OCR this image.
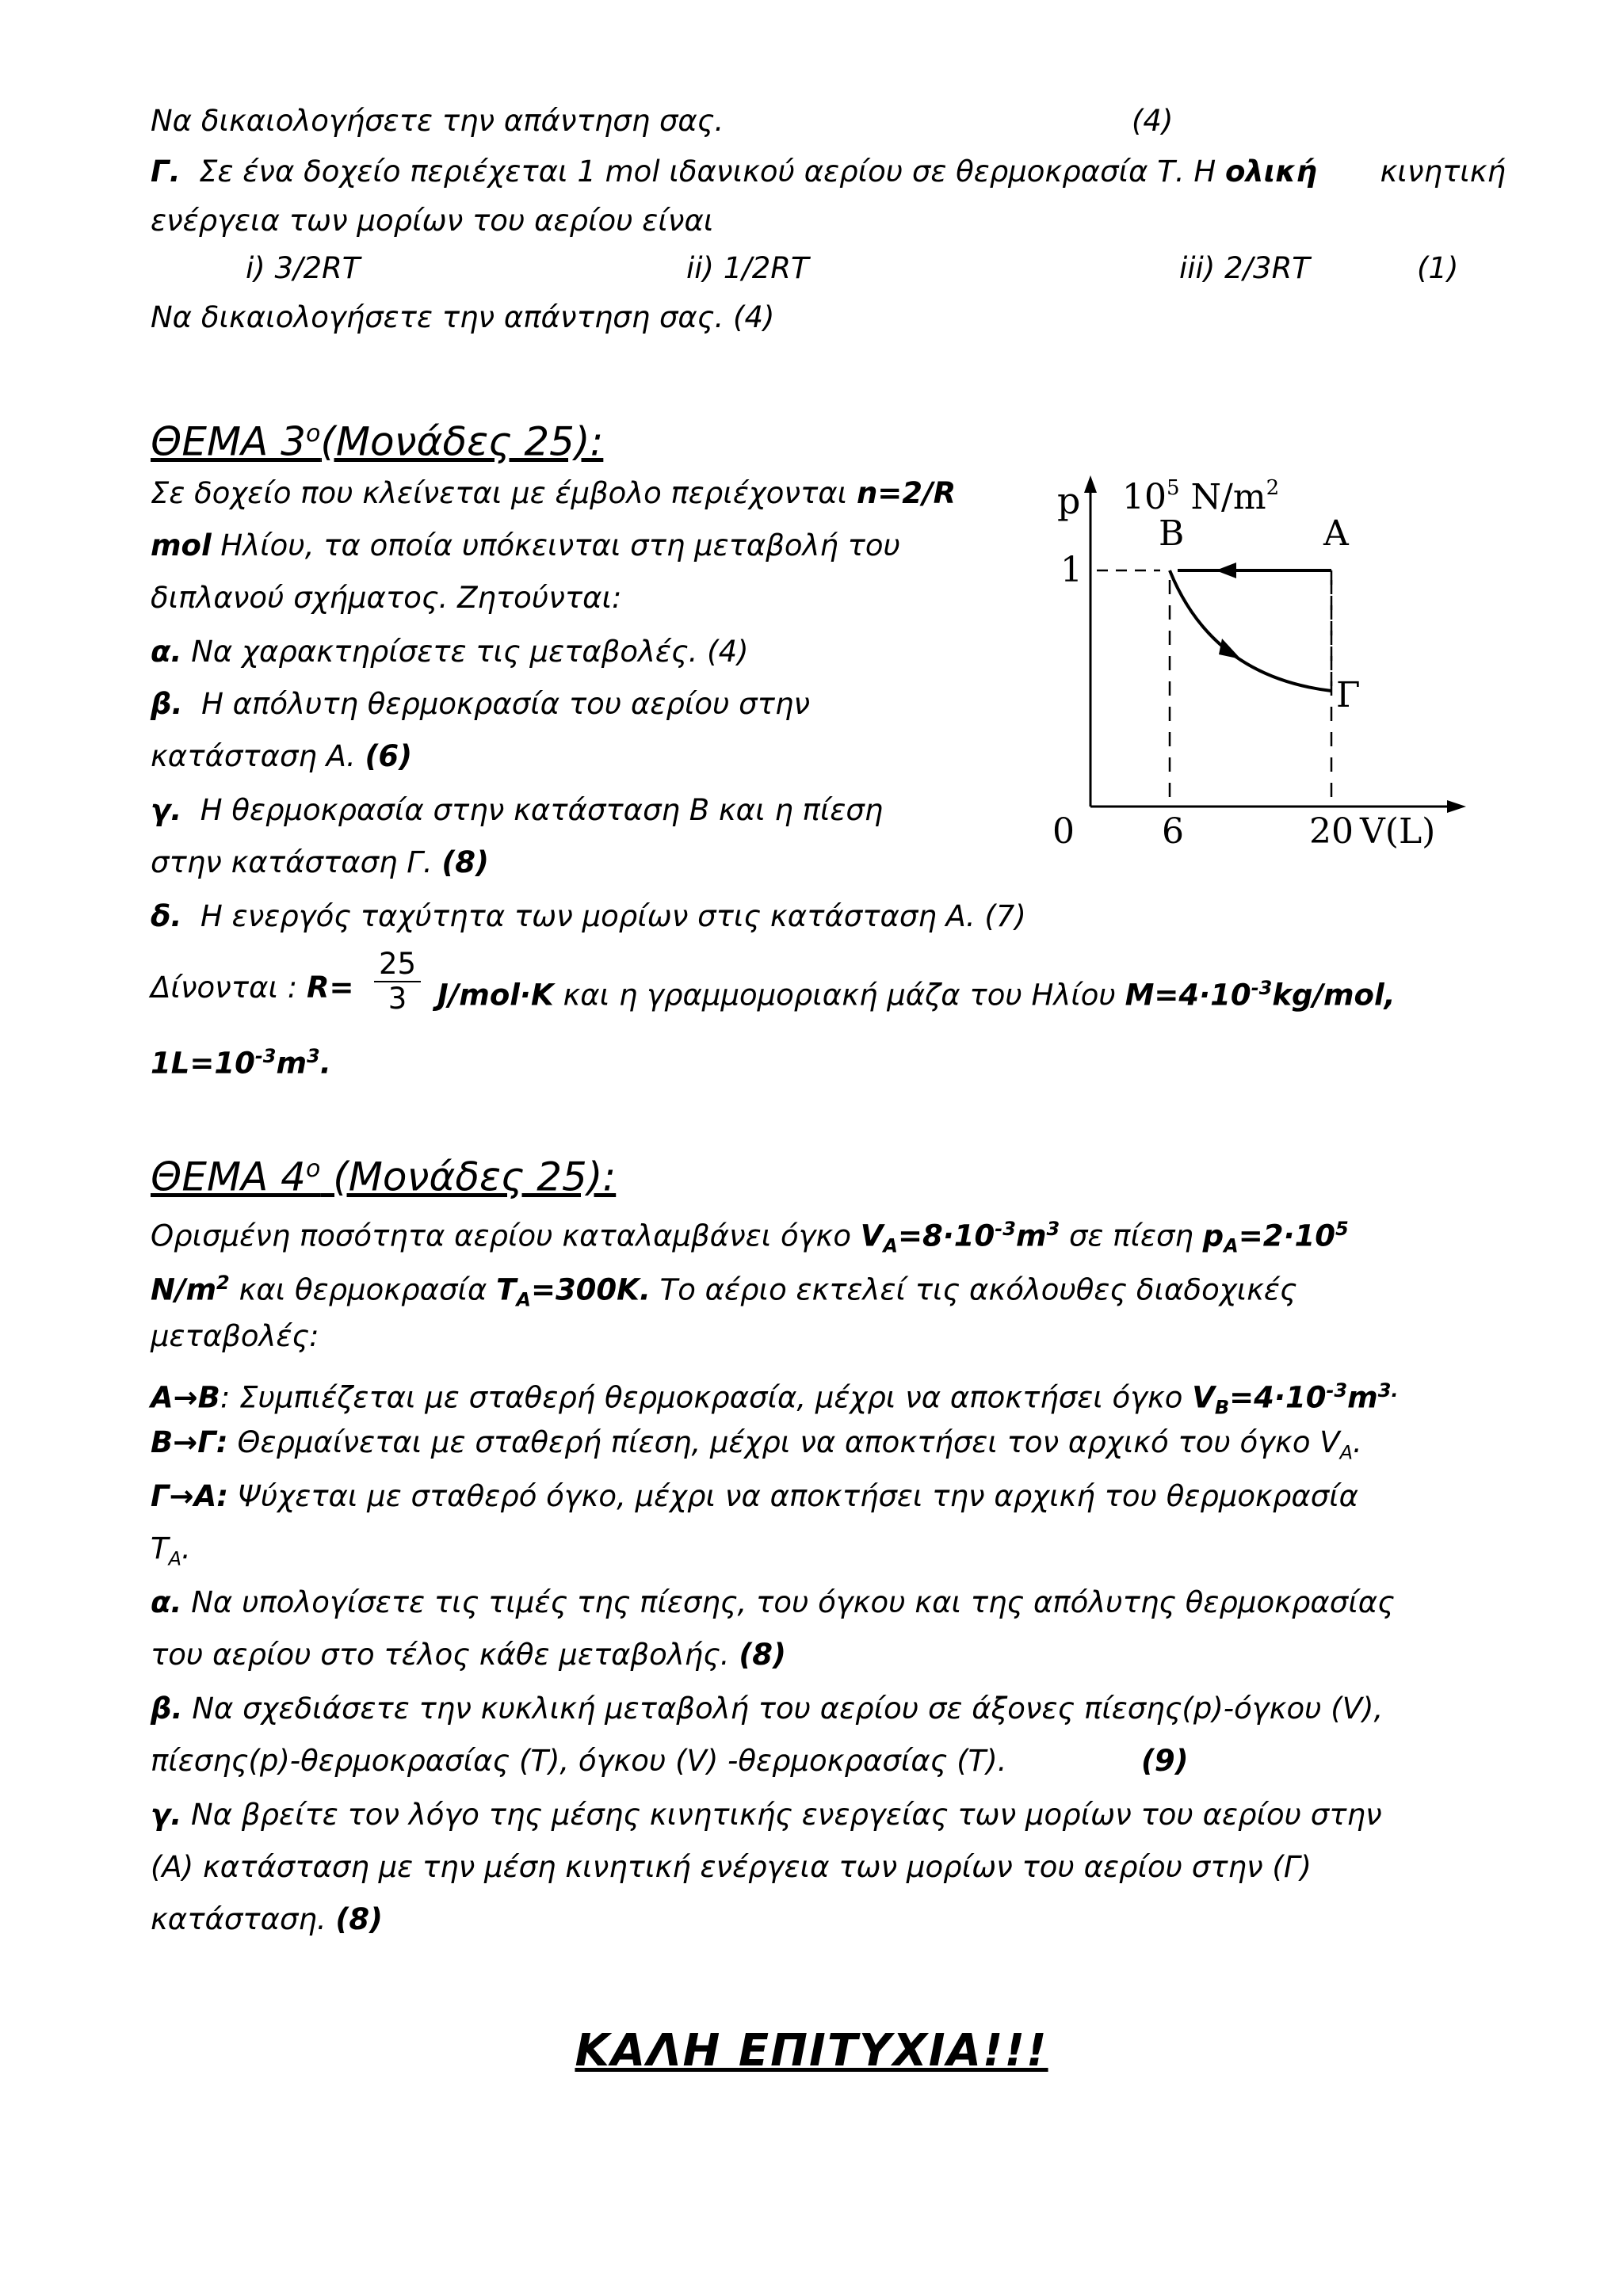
Να δικαιολογήσετε την απάντηση σας.	(4)
Γ. Σε ένα δοχείο περιέχεται 1 mol ιδανικού αερίου σε θερμοκρασία Τ. Η ολική κινητική
ενέργεια των μορίων του αερίου είναι
i) 3/2RT	ii) 1/2RT	iii) 2/3RT	(1)
Να δικαιολογήσετε την απάντηση σας. (4)
ΘΕΜΑ $3^o(Mo\nu ά\delta\varepsilon\varsigma$ 25):
Σε δοχείο που κλείνεται με έμβολο περιέχονται n=2/R
mol Ηλίου, τα οποία υπόκεινται στη μεταβολή του
διπλανού σχήματος. Ζητούνται:
α. Να χαρακτηρίσετε τις μεταβολές. (4)
β. Η απόλυτη θερμοκρασία του αερίου στην
κατάσταση Α. (6)
γ. Η θερμοκρασία στην κατάσταση Β και η πίεση
στην κατάσταση Γ. (8)
δ. Η ενεργός ταχύτητα των μορίων στις κατάσταση Α. (7)
Δίνονται : $R= \frac{25}{3} J/mol\cdot K$ και η γραμμομοριακή μάζα του Ηλίου $M=4\cdot 10^{-3}kg$/mol,
$1L=10^{-3}m^3$.
p $10^5$ $N/m^2$
1
0	6	20 V(L)
B	A
Γ
ΘΕΜΑ $4^o$ (Μονάδες 25):
Ορισμένη ποσότητα αερίου καταλαμβάνει όγκο $V_A=8\cdot 10^{-3}m^3$ σε πίεση $p_A=2\cdot 10^5$
$N/m^2$ και θερμοκρασία $T_A=300K$. Το αέριο εκτελεί τις ακόλουθες διαδοχικές
μεταβολές:
Α→Β: Συμπιέζεται με σταθερή θερμοκρασία, μέχρι να αποκτήσει όγκο $V_B=4\cdot 10^{-3}m^{3.}$
Β→Γ: Θερμαίνεται με σταθερή πίεση, μέχρι να αποκτήσει τον αρχικό του όγκο $V_A$.
Γ→Α: Ψύχεται με σταθερό όγκο, μέχρι να αποκτήσει την αρχική του θερμοκρασία
$T_A$.
α. Να υπολογίσετε τις τιμές της πίεσης, του όγκου και της απόλυτης θερμοκρασίας
του αερίου στο τέλος κάθε μεταβολής. (8)
β. Να σχεδιάσετε την κυκλική μεταβολή του αερίου σε άξονες πίεσης(p)-όγκου (V),
πίεσης(p)-θερμοκρασίας (Τ), όγκου (V) -θερμοκρασίας (Τ).	(9)
γ. Να βρείτε τον λόγο της μέσης κινητικής ενεργείας των μορίων του αερίου στην
(Α) κατάσταση με την μέση κινητική ενέργεια των μορίων του αερίου στην (Γ)
κατάσταση. (8)
ΚΑΛΗ ΕΠΙΤΥΧΙΑ!!!
